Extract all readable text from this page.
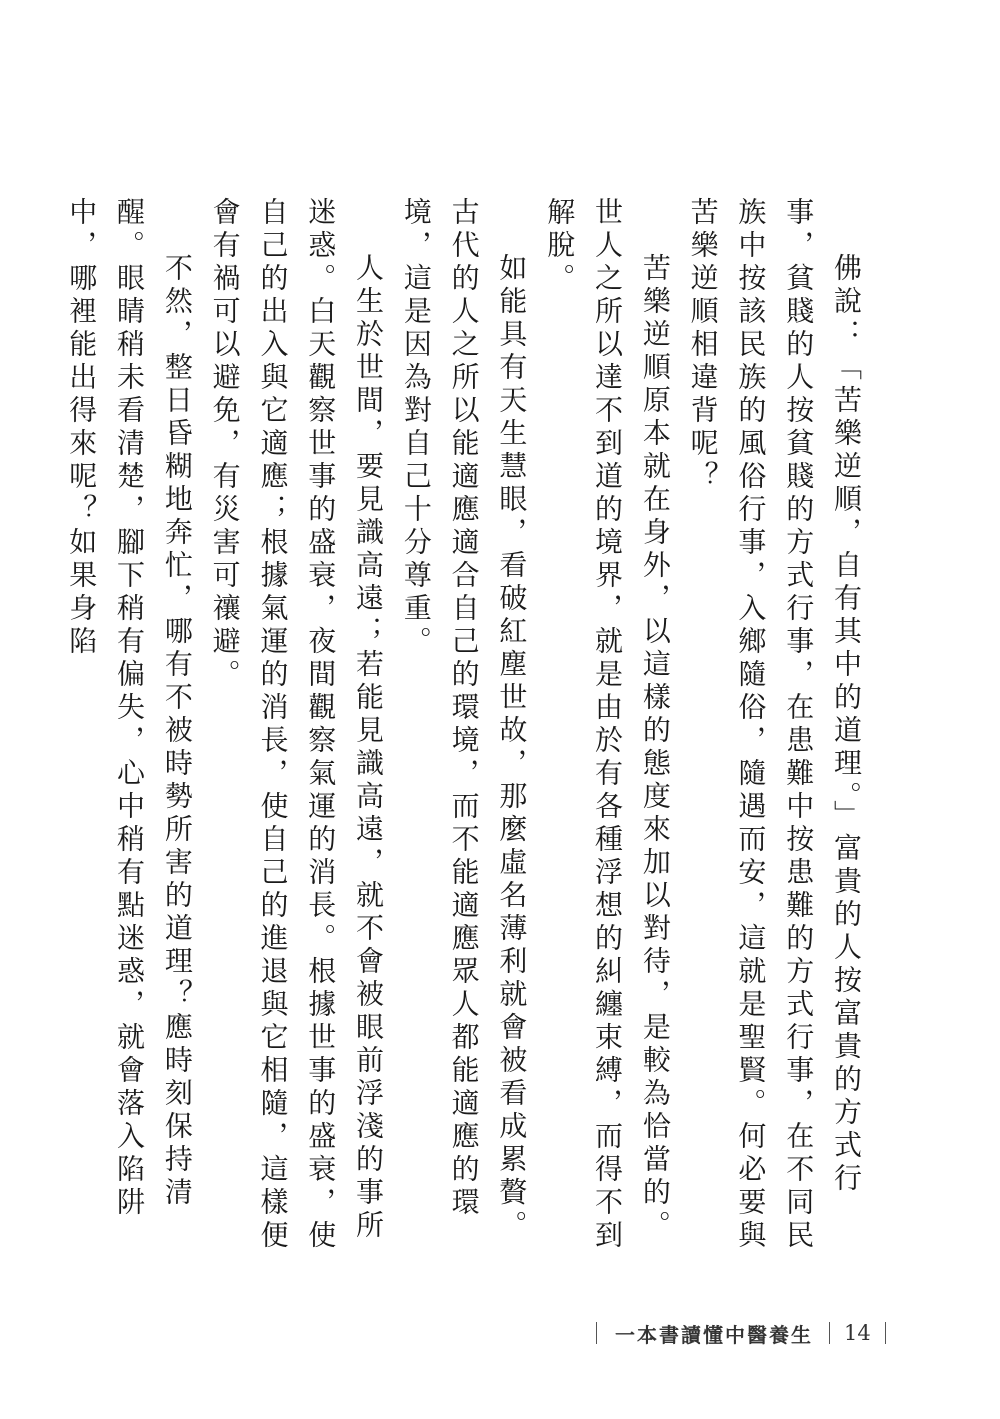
佛說：「苦樂逆順，自有其中的道理。」富貴的人按富貴的方式行事，貧賤的人按貧賤的方式行事，在患難中按患難的方式行事，在不同民族中按該民族的風俗行事，入鄉隨俗，隨遇而安，這就是聖賢。何必要與苦樂逆順相違背呢？

苦樂逆順原本就在身外，以這樣的態度來加以對待，是較為恰當的。世人之所以達不到道的境界，就是由於有各種浮想的糾纏束縛，而得不到解脫。

如能具有天生慧眼，看破紅塵世故，那麼虛名薄利就會被看成累贅。古代的人之所以能適應適合自己的環境，而不能適應眾人都能適應的環境，這是因為對自己十分尊重。

人生於世間，要見識高遠；若能見識高遠，就不會被眼前浮淺的事所迷惑。白天觀察世事的盛衰，夜間觀察氣運的消長。根據世事的盛衰，使自己的出入與它適應；根據氣運的消長，使自己的進退與它相隨，這樣便會有禍可以避免，有災害可禳避。

不然，整日昏糊地奔忙，哪有不被時勢所害的道理？應時刻保持清醒。眼睛稍未看清楚，腳下稍有偏失，心中稍有點迷惑，就會落入陷阱中，哪裡能出得來呢？如果身陷

一本書讀懂中醫養生 14
